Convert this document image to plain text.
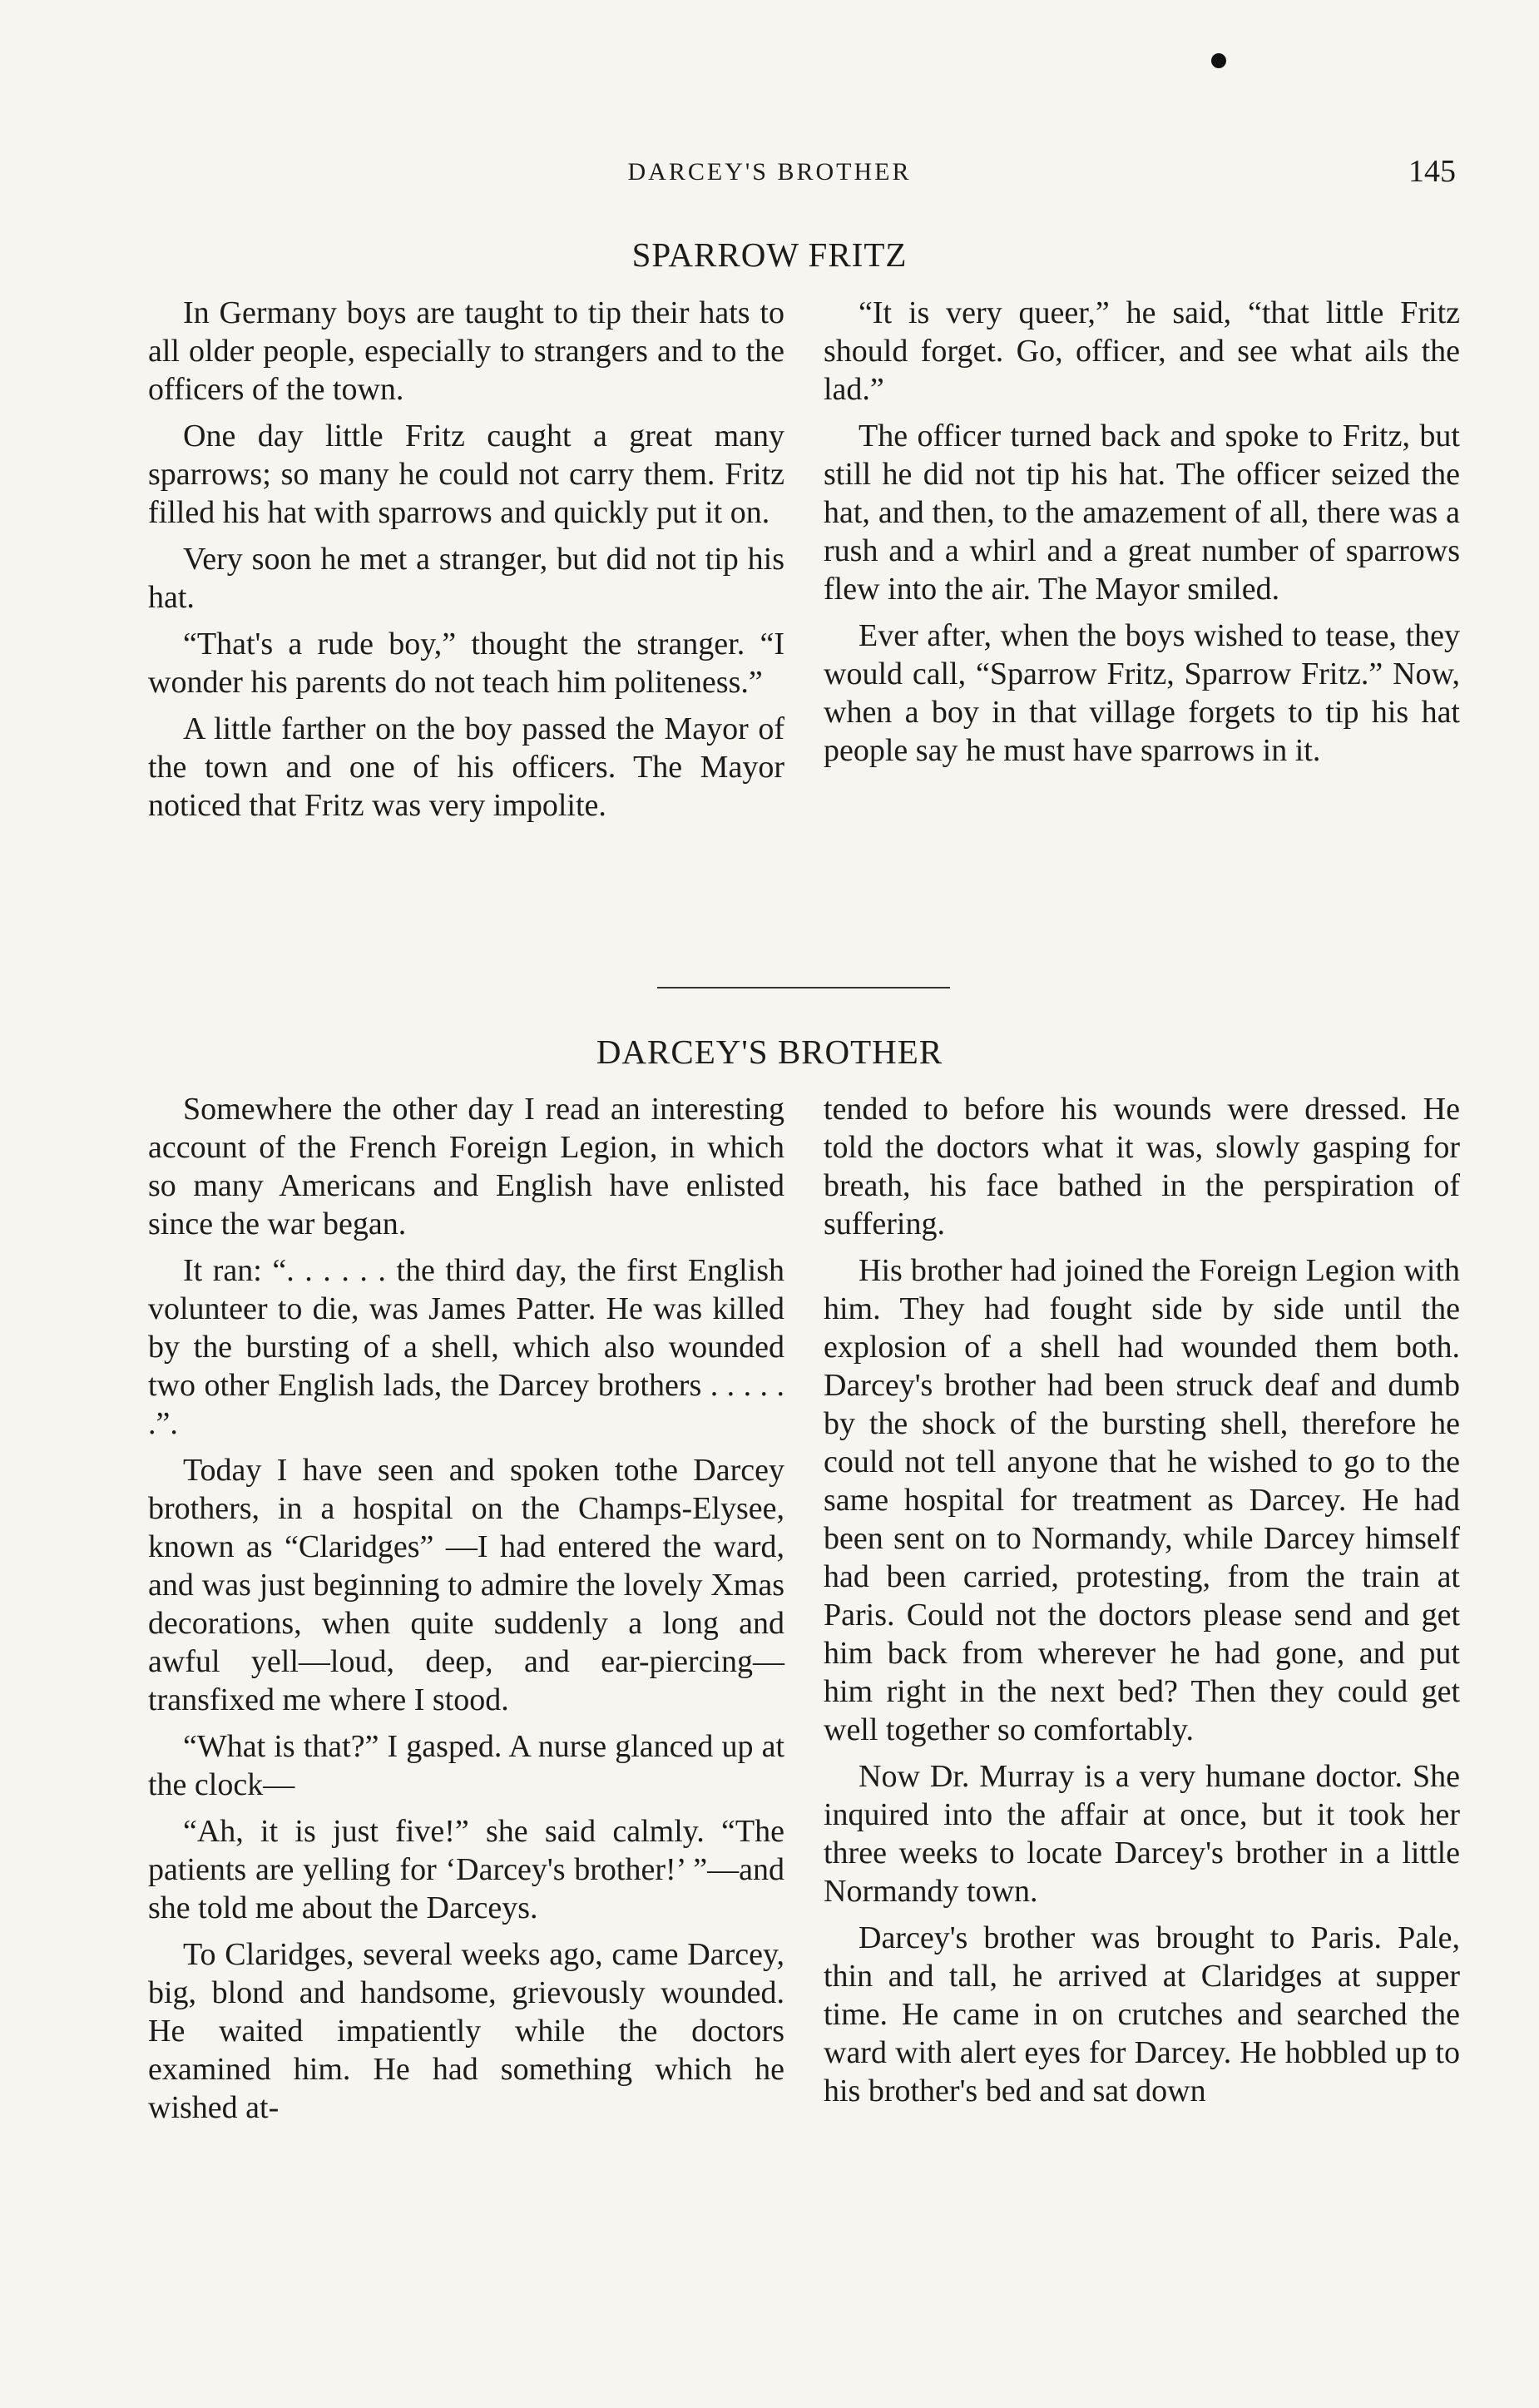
DARCEY'S BROTHER	145
SPARROW FRITZ

In Germany boys are taught to tip their hats to all older people, especially to strangers and to the officers of the town.

One day little Fritz caught a great many sparrows; so many he could not carry them. Fritz filled his hat with sparrows and quickly put it on.

Very soon he met a stranger, but did not tip his hat.

“That's a rude boy,” thought the stranger. “I wonder his parents do not teach him politeness.”

A little farther on the boy passed the Mayor of the town and one of his officers. The Mayor noticed that Fritz was very impolite.

“It is very queer,” he said, “that little Fritz should forget. Go, officer, and see what ails the lad.”

The officer turned back and spoke to Fritz, but still he did not tip his hat. The officer seized the hat, and then, to the amazement of all, there was a rush and a whirl and a great number of sparrows flew into the air. The Mayor smiled.

Ever after, when the boys wished to tease, they would call, “Sparrow Fritz, Sparrow Fritz.” Now, when a boy in that village forgets to tip his hat people say he must have sparrows in it.

DARCEY'S BROTHER

Somewhere the other day I read an interesting account of the French Foreign Legion, in which so many Americans and English have enlisted since the war began.

It ran: “. . . . . . the third day, the first English volunteer to die, was James Patter. He was killed by the bursting of a shell, which also wounded two other English lads, the Darcey brothers . . . . . .”.

Today I have seen and spoken tothe Darcey brothers, in a hospital on the Champs-Elysee, known as “Claridges” —I had entered the ward, and was just beginning to admire the lovely Xmas decorations, when quite suddenly a long and awful yell—loud, deep, and ear-piercing—transfixed me where I stood.

“What is that?” I gasped. A nurse glanced up at the clock—

“Ah, it is just five!” she said calmly. “The patients are yelling for ‘Darcey's brother!’ ”—and she told me about the Darceys.

To Claridges, several weeks ago, came Darcey, big, blond and handsome, grievously wounded. He waited impatiently while the doctors examined him. He had something which he wished at-

tended to before his wounds were dressed. He told the doctors what it was, slowly gasping for breath, his face bathed in the perspiration of suffering.

His brother had joined the Foreign Legion with him. They had fought side by side until the explosion of a shell had wounded them both. Darcey's brother had been struck deaf and dumb by the shock of the bursting shell, therefore he could not tell anyone that he wished to go to the same hospital for treatment as Darcey. He had been sent on to Normandy, while Darcey himself had been carried, protesting, from the train at Paris. Could not the doctors please send and get him back from wherever he had gone, and put him right in the next bed? Then they could get well together so comfortably.

Now Dr. Murray is a very humane doctor. She inquired into the affair at once, but it took her three weeks to locate Darcey's brother in a little Normandy town.

Darcey's brother was brought to Paris. Pale, thin and tall, he arrived at Claridges at supper time. He came in on crutches and searched the ward with alert eyes for Darcey. He hobbled up to his brother's bed and sat down
